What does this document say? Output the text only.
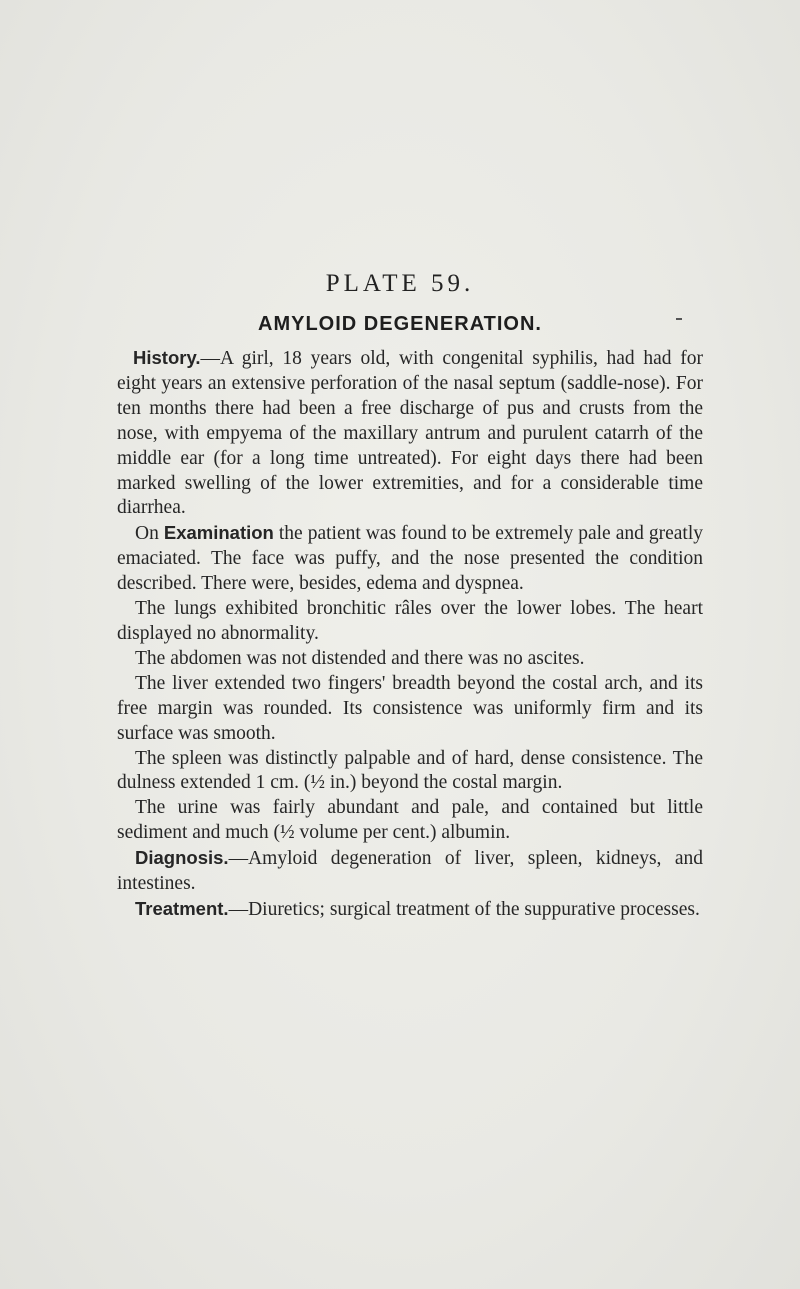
PLATE 59.
AMYLOID DEGENERATION.

History.—A girl, 18 years old, with congenital syphilis, had had for eight years an extensive perforation of the nasal septum (saddle-nose). For ten months there had been a free discharge of pus and crusts from the nose, with empyema of the maxillary antrum and purulent catarrh of the middle ear (for a long time untreated). For eight days there had been marked swelling of the lower extremities, and for a considerable time diarrhea.

On Examination the patient was found to be extremely pale and greatly emaciated. The face was puffy, and the nose presented the condition described. There were, besides, edema and dyspnea.

The lungs exhibited bronchitic râles over the lower lobes. The heart displayed no abnormality.

The abdomen was not distended and there was no ascites.

The liver extended two fingers' breadth beyond the costal arch, and its free margin was rounded. Its consistence was uniformly firm and its surface was smooth.

The spleen was distinctly palpable and of hard, dense consistence. The dulness extended 1 cm. (½ in.) beyond the costal margin.

The urine was fairly abundant and pale, and contained but little sediment and much (½ volume per cent.) albumin.

Diagnosis.—Amyloid degeneration of liver, spleen, kidneys, and intestines.

Treatment.—Diuretics; surgical treatment of the suppurative processes.
